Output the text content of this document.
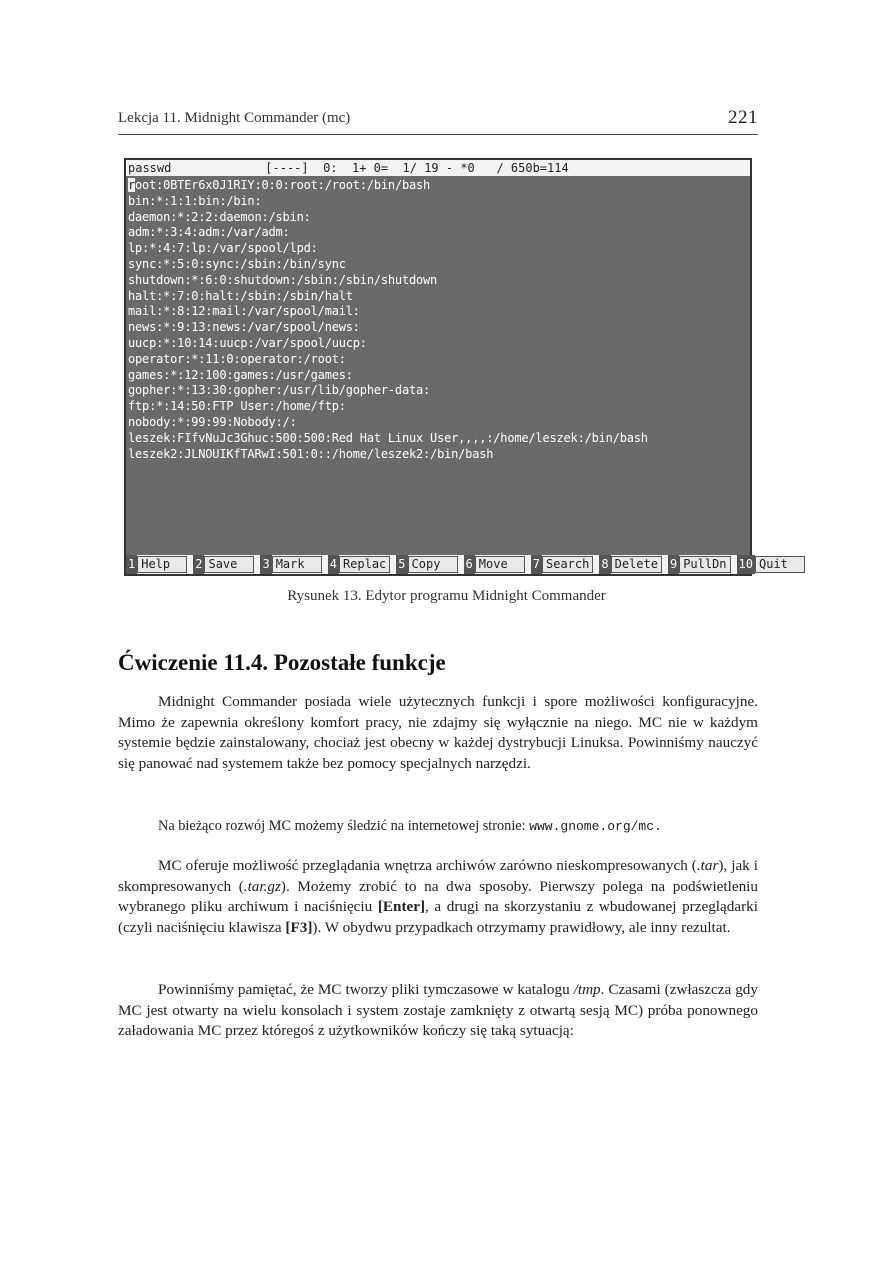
Lekcja 11. Midnight Commander (mc)	221
passwd             [----]  0:  1+ 0=  1/ 19 - *0   / 650b=114
root:0BTEr6x0J1RIY:0:0:root:/root:/bin/bash
bin:*:1:1:bin:/bin:
daemon:*:2:2:daemon:/sbin:
adm:*:3:4:adm:/var/adm:
lp:*:4:7:lp:/var/spool/lpd:
sync:*:5:0:sync:/sbin:/bin/sync
shutdown:*:6:0:shutdown:/sbin:/sbin/shutdown
halt:*:7:0:halt:/sbin:/sbin/halt
mail:*:8:12:mail:/var/spool/mail:
news:*:9:13:news:/var/spool/news:
uucp:*:10:14:uucp:/var/spool/uucp:
operator:*:11:0:operator:/root:
games:*:12:100:games:/usr/games:
gopher:*:13:30:gopher:/usr/lib/gopher-data:
ftp:*:14:50:FTP User:/home/ftp:
nobody:*:99:99:Nobody:/:
leszek:FIfvNuJc3Ghuc:500:500:Red Hat Linux User,,,,:/home/leszek:/bin/bash
leszek2:JLNOUIKfTARwI:501:0::/home/leszek2:/bin/bash
1 Help	2 Save	3 Mark	4 Replac	5 Copy	6 Move	7 Search	8 Delete	9 PullDn	10 Quit
Rysunek 13. Edytor programu Midnight Commander
Ćwiczenie 11.4. Pozostałe funkcje
Midnight Commander posiada wiele użytecznych funkcji i spore możliwości konfiguracyjne. Mimo że zapewnia określony komfort pracy, nie zdajmy się wyłącznie na niego. MC nie w każdym systemie będzie zainstalowany, chociaż jest obecny w każdej dystrybucji Linuksa. Powinniśmy nauczyć się panować nad systemem także bez pomocy specjalnych narzędzi.
Na bieżąco rozwój MC możemy śledzić na internetowej stronie: www.gnome.org/mc.
MC oferuje możliwość przeglądania wnętrza archiwów zarówno nieskompresowanych (.tar), jak i skompresowanych (.tar.gz). Możemy zrobić to na dwa sposoby. Pierwszy polega na podświetleniu wybranego pliku archiwum i naciśnięciu [Enter], a drugi na skorzystaniu z wbudowanej przeglądarki (czyli naciśnięciu klawisza [F3]). W obydwu przypadkach otrzymamy prawidłowy, ale inny rezultat.
Powinniśmy pamiętać, że MC tworzy pliki tymczasowe w katalogu /tmp. Czasami (zwłaszcza gdy MC jest otwarty na wielu konsolach i system zostaje zamknięty z otwartą sesją MC) próba ponownego załadowania MC przez któregoś z użytkowników kończy się taką sytuacją:
